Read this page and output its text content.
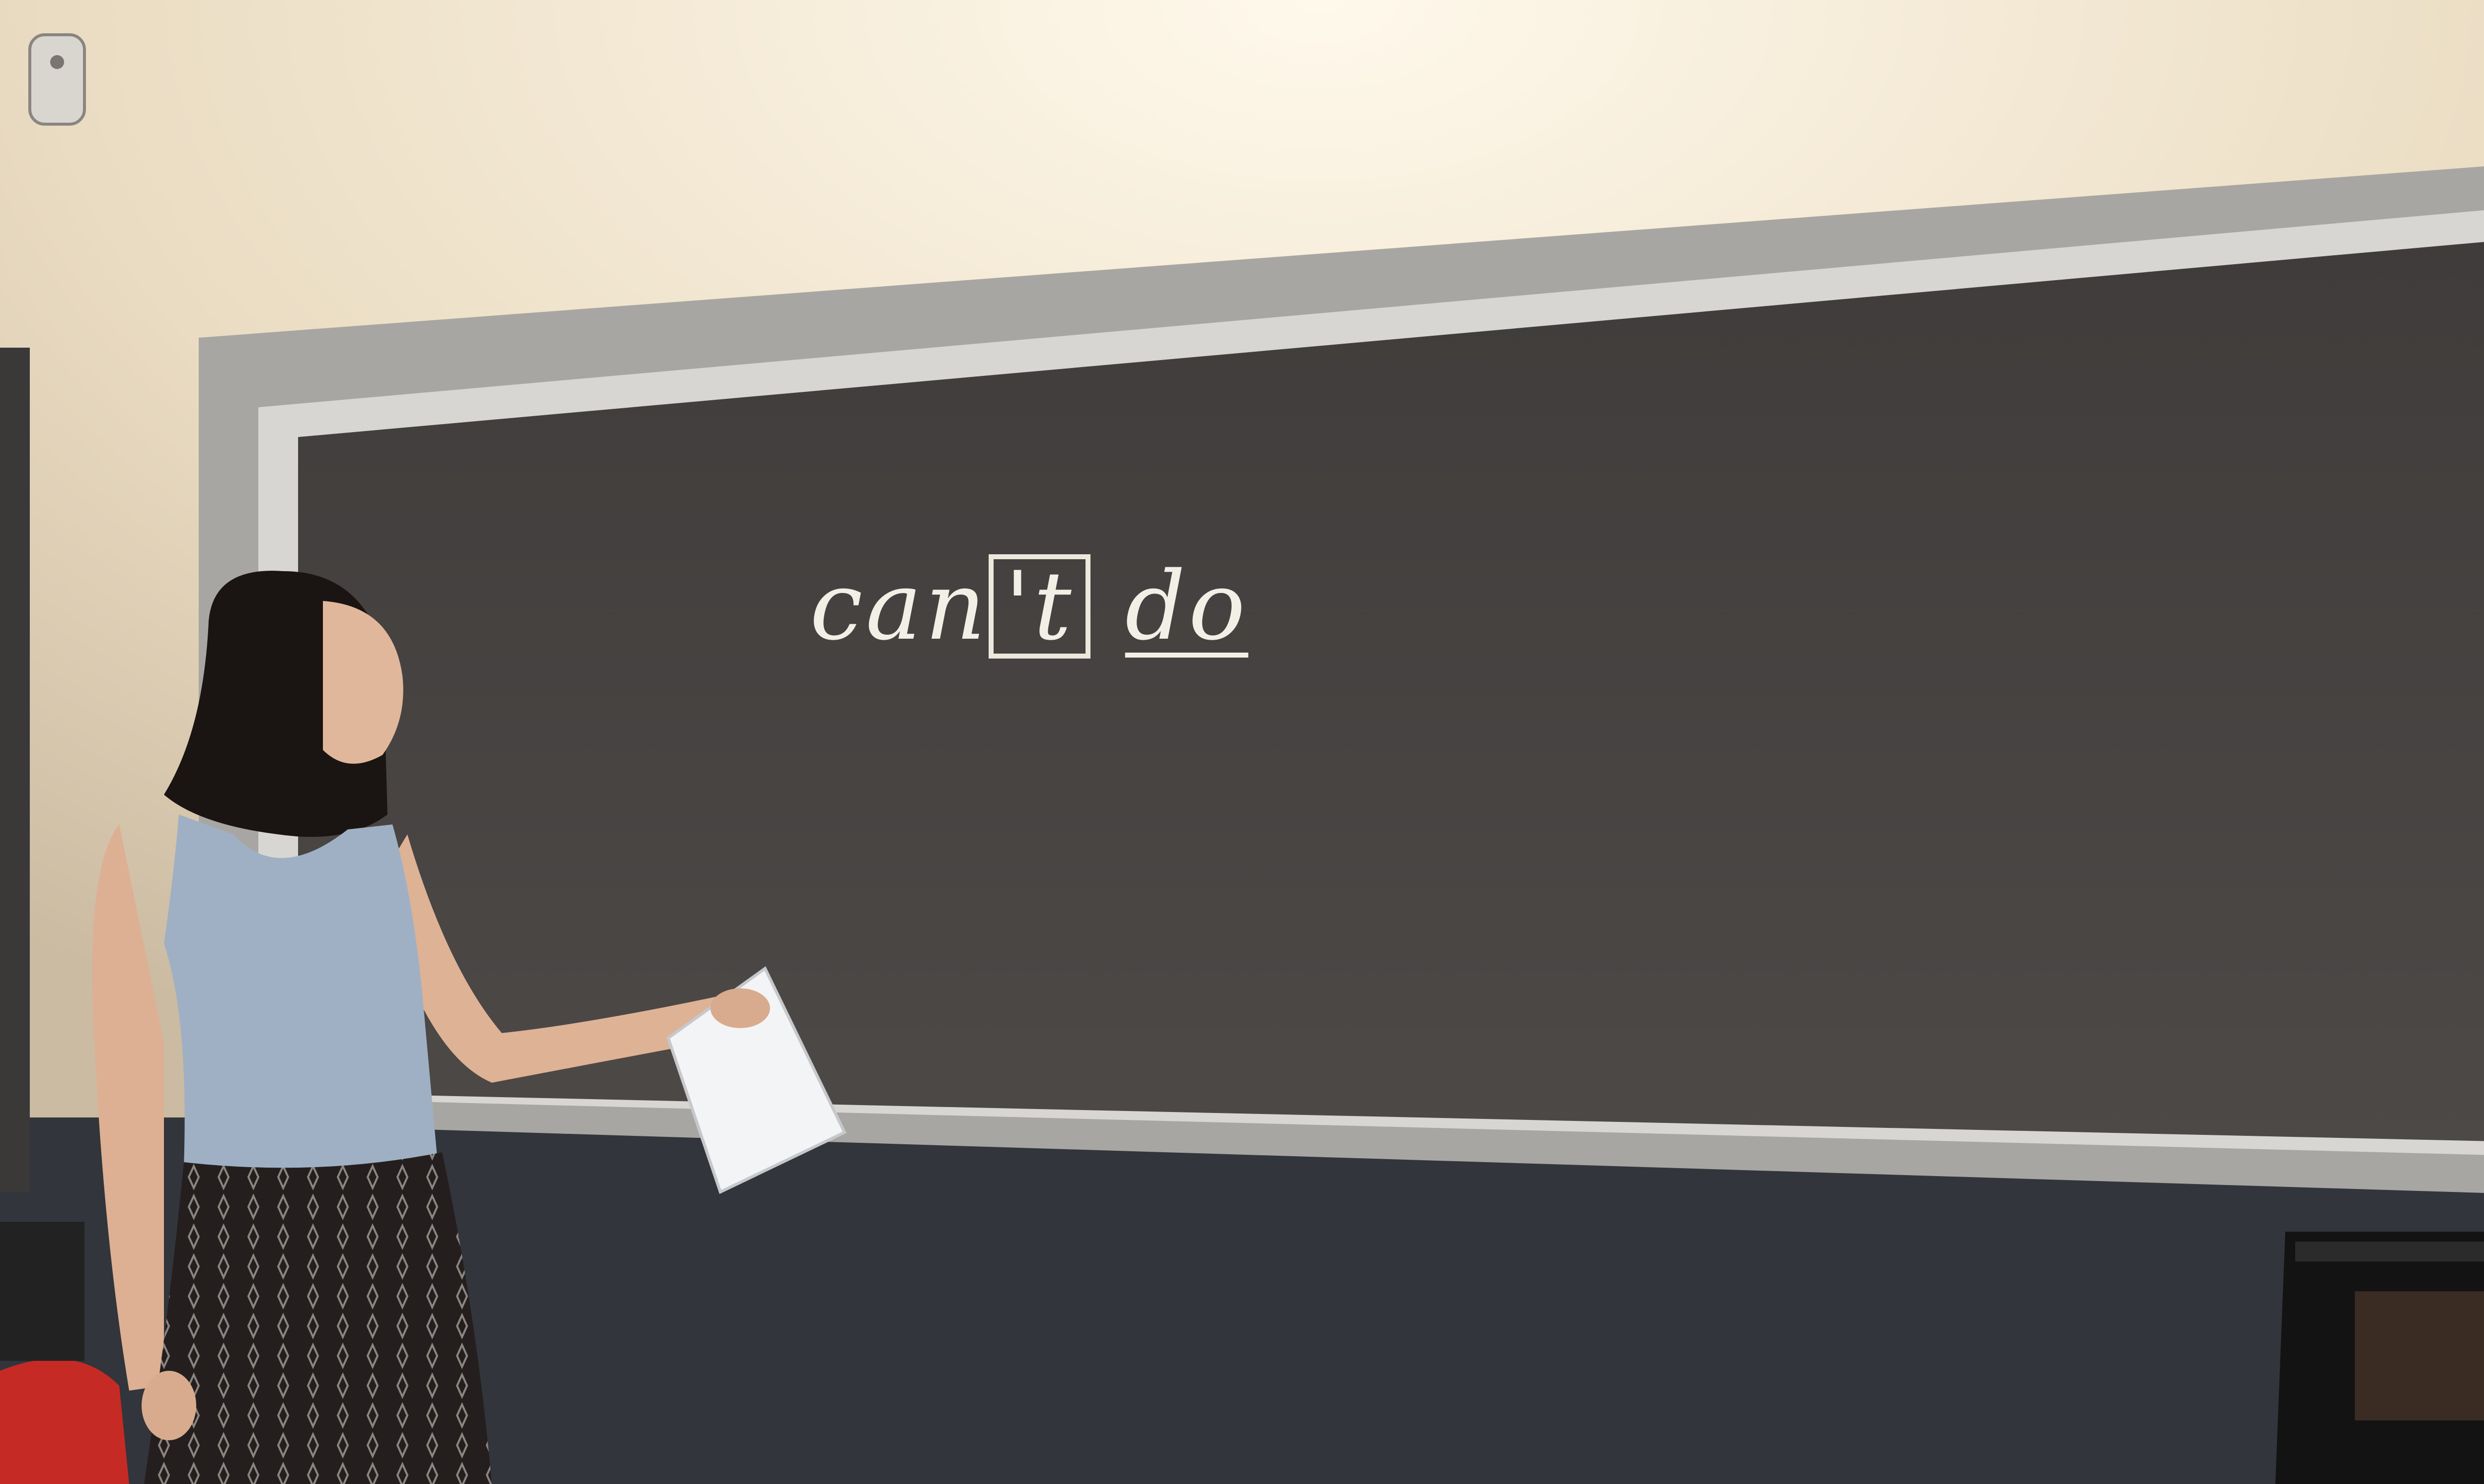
can 't do
